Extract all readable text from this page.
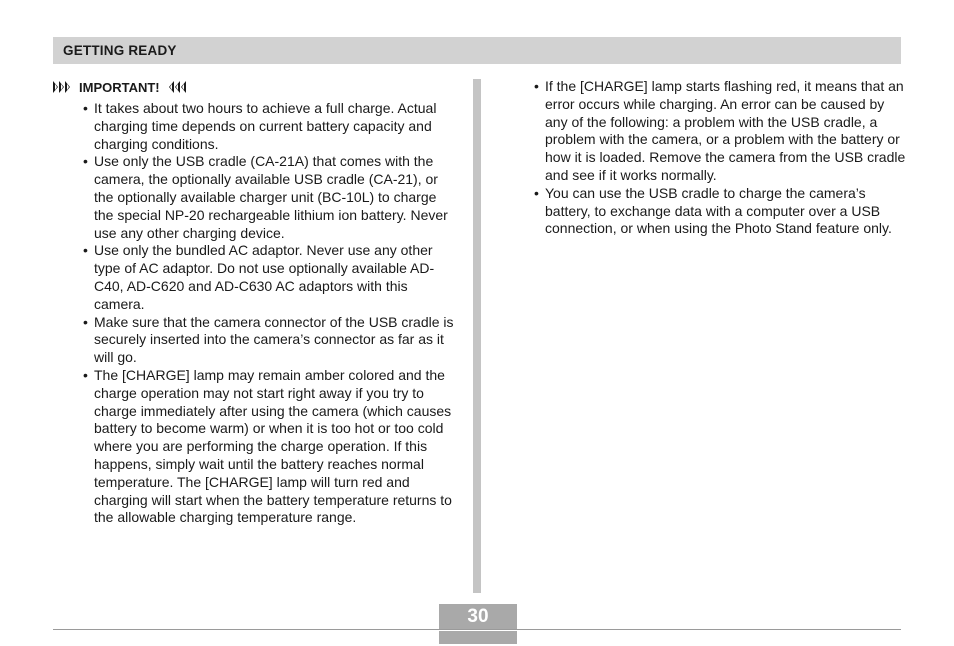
GETTING READY
IMPORTANT!

• It takes about two hours to achieve a full charge. Actual charging time depends on current battery capacity and charging conditions.

• Use only the USB cradle (CA-21A) that comes with the camera, the optionally available USB cradle (CA-21), or the optionally available charger unit (BC-10L) to charge the special NP-20 rechargeable lithium ion battery. Never use any other charging device.

• Use only the bundled AC adaptor. Never use any other type of AC adaptor. Do not use optionally available AD-C40, AD-C620 and AD-C630 AC adaptors with this camera.

• Make sure that the camera connector of the USB cradle is securely inserted into the camera’s connector as far as it will go.

• The [CHARGE] lamp may remain amber colored and the charge operation may not start right away if you try to charge immediately after using the camera (which causes battery to become warm) or when it is too hot or too cold where you are performing the charge operation. If this happens, simply wait until the battery reaches normal temperature. The [CHARGE] lamp will turn red and charging will start when the battery temperature returns to the allowable charging temperature range.

• If the [CHARGE] lamp starts flashing red, it means that an error occurs while charging. An error can be caused by any of the following: a problem with the USB cradle, a problem with the camera, or a problem with the battery or how it is loaded. Remove the camera from the USB cradle and see if it works normally.

• You can use the USB cradle to charge the camera’s battery, to exchange data with a computer over a USB connection, or when using the Photo Stand feature only.

30
